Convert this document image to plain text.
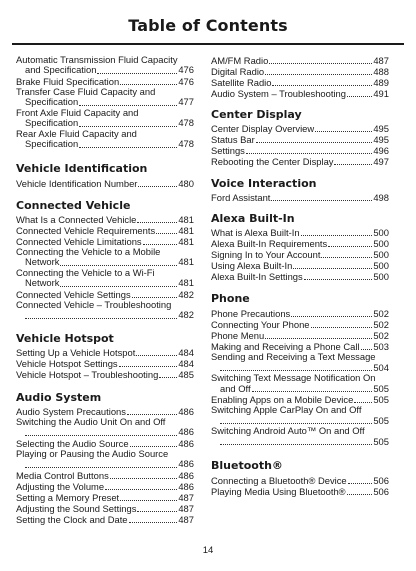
Table of Contents
Automatic Transmission Fluid Capacity
and Specification	476
Brake Fluid Specification	476
Transfer Case Fluid Capacity and
Specification	477
Front Axle Fluid Capacity and
Specification	478
Rear Axle Fluid Capacity and
Specification	478
Vehicle Identification
Vehicle Identification Number	480
Connected Vehicle
What Is a Connected Vehicle	481
Connected Vehicle Requirements 481
Connected Vehicle Limitations	481
Connecting the Vehicle to a Mobile
Network	481
Connecting the Vehicle to a Wi-Fi
Network	481
Connected Vehicle Settings	482
Connected Vehicle – Troubleshooting
482
Vehicle Hotspot
Setting Up a Vehicle Hotspot	484
Vehicle Hotspot Settings	484
Vehicle Hotspot – Troubleshooting 485
Audio System
Audio System Precautions	486
Switching the Audio Unit On and Off
486
Selecting the Audio Source	486
Playing or Pausing the Audio Source
486
Media Control Buttons	486
Adjusting the Volume	486
Setting a Memory Preset	487
Adjusting the Sound Settings	487
Setting the Clock and Date	487
AM/FM Radio	487
Digital Radio	488
Satellite Radio	489
Audio System – Troubleshooting	491
Center Display
Center Display Overview	495
Status Bar	495
Settings	496
Rebooting the Center Display	497
Voice Interaction
Ford Assistant	498
Alexa Built-In
What is Alexa Built-In	500
Alexa Built-In Requirements	500
Signing In to Your Account	500
Using Alexa Built-In	500
Alexa Built-In Settings	500
Phone
Phone Precautions	502
Connecting Your Phone	502
Phone Menu	502
Making and Receiving a Phone Call 503
Sending and Receiving a Text Message
504
Switching Text Message Notification On
and Off	505
Enabling Apps on a Mobile Device 505
Switching Apple CarPlay On and Off
505
Switching Android Auto™ On and Off
505
Bluetooth®
Connecting a Bluetooth® Device	506
Playing Media Using Bluetooth®	506
14
